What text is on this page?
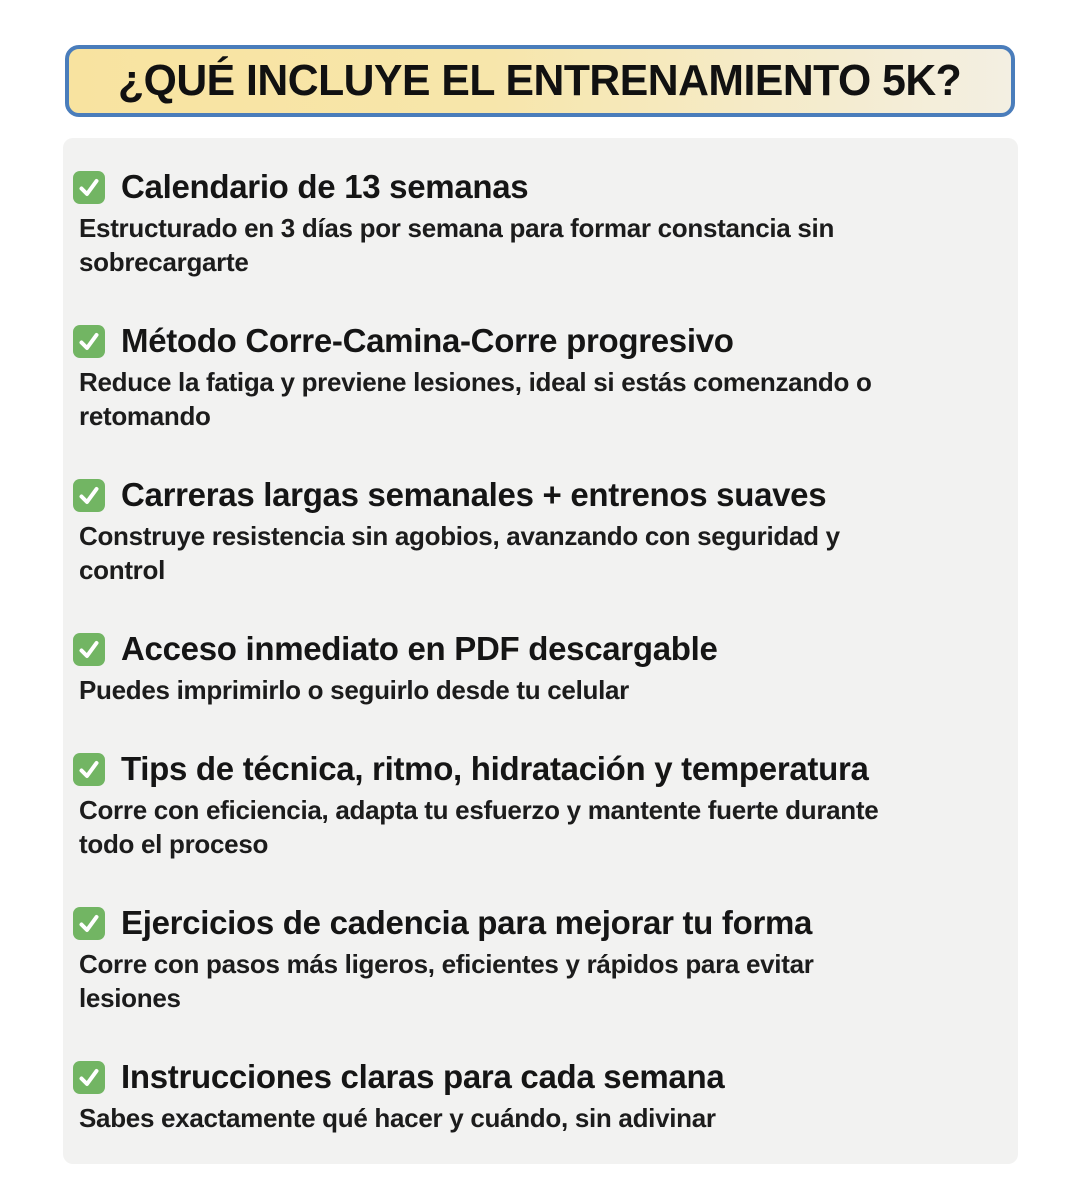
¿QUÉ INCLUYE EL ENTRENAMIENTO 5K?
Calendario de 13 semanas
Estructurado en 3 días por semana para formar constancia sin sobrecargarte
Método Corre-Camina-Corre progresivo
Reduce la fatiga y previene lesiones, ideal si estás comenzando o retomando
Carreras largas semanales + entrenos suaves
Construye resistencia sin agobios, avanzando con seguridad y control
Acceso inmediato en PDF descargable
Puedes imprimirlo o seguirlo desde tu celular
Tips de técnica, ritmo, hidratación y temperatura
Corre con eficiencia, adapta tu esfuerzo y mantente fuerte durante todo el proceso
Ejercicios de cadencia para mejorar tu forma
Corre con pasos más ligeros, eficientes y rápidos para evitar lesiones
Instrucciones claras para cada semana
Sabes exactamente qué hacer y cuándo, sin adivinar
